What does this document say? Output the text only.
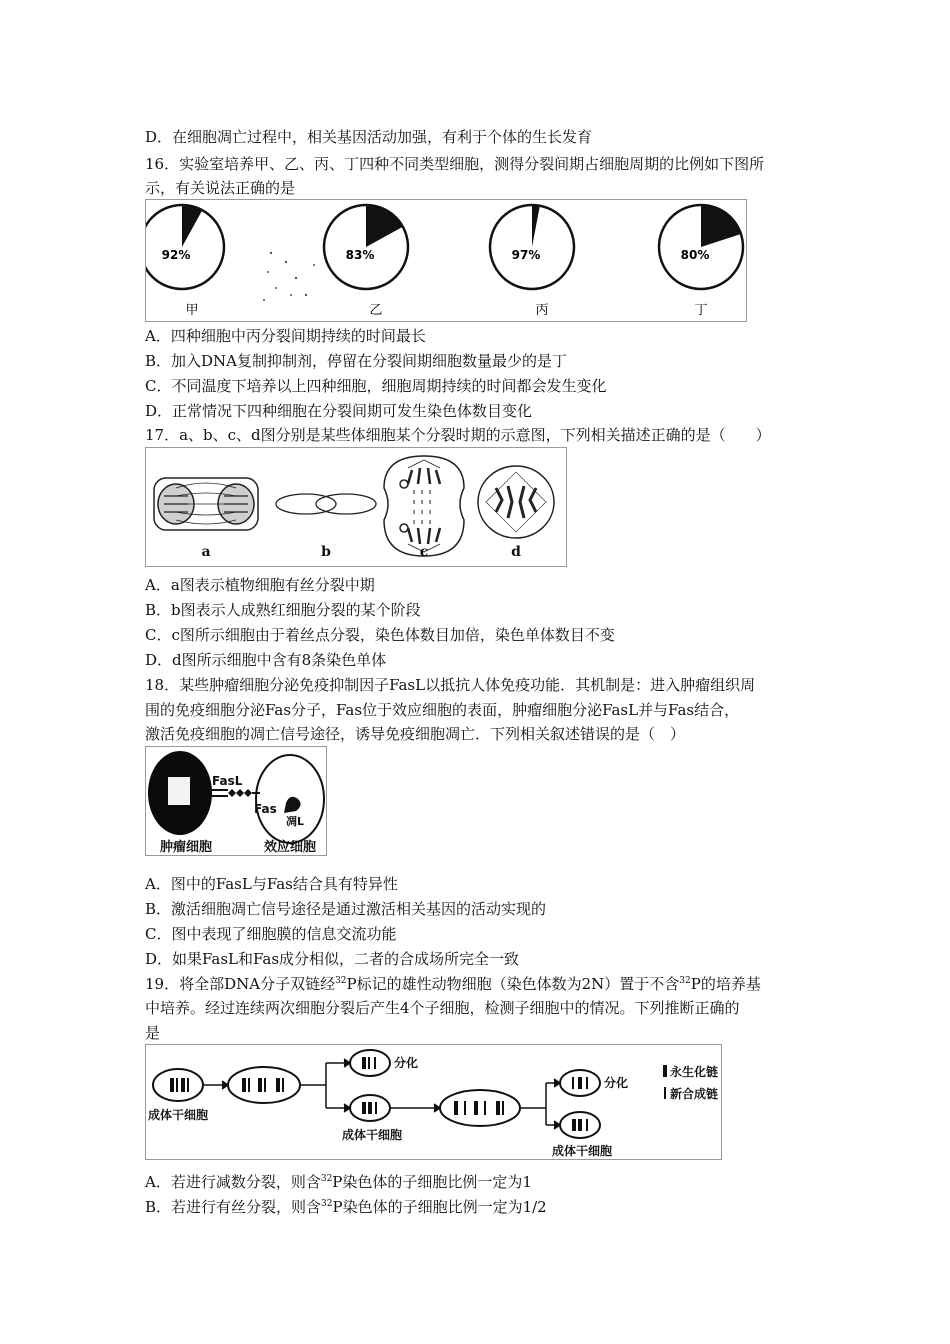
D．在细胞凋亡过程中，相关基因活动加强，有利于个体的生长发育
16．实验室培养甲、乙、丙、丁四种不同类型细胞，测得分裂间期占细胞周期的比例如下图所
示，有关说法正确的是
92%
甲
83%
乙
97%
丙
80%
丁
A．四种细胞中丙分裂间期持续的时间最长
B．加入DNA复制抑制剂，停留在分裂间期细胞数量最少的是丁
C．不同温度下培养以上四种细胞，细胞周期持续的时间都会发生变化
D．正常情况下四种细胞在分裂间期可发生染色体数目变化
17．a、b、c、d图分别是某些体细胞某个分裂时期的示意图，下列相关描述正确的是（　　）
a	b	c	d
A．a图表示植物细胞有丝分裂中期
B．b图表示人成熟红细胞分裂的某个阶段
C．c图所示细胞由于着丝点分裂，染色体数目加倍，染色单体数目不变
D．d图所示细胞中含有8条染色单体
18．某些肿瘤细胞分泌免疫抑制因子FasL以抵抗人体免疫功能．其机制是：进入肿瘤组织周
围的免疫细胞分泌Fas分子，Fas位于效应细胞的表面，肿瘤细胞分泌FasL并与Fas结合，
激活免疫细胞的凋亡信号途径，诱导免疫细胞凋亡．下列相关叙述错误的是（　）
FasL
Fas
凋L
肿瘤细胞	效应细胞
A．图中的FasL与Fas结合具有特异性
B．激活细胞凋亡信号途径是通过激活相关基因的活动实现的
C．图中表现了细胞膜的信息交流功能
D．如果FasL和Fas成分相似，二者的合成场所完全一致
19．将全部DNA分子双链经$^{32}$P标记的雄性动物细胞（染色体数为2N）置于不含$^{32}$P的培养基
中培养。经过连续两次细胞分裂后产生4个子细胞，检测子细胞中的情况。下列推断正确的
是
分化
分化
成体干细胞
成体干细胞
成体干细胞
永生化链
新合成链
A．若进行减数分裂，则含$^{32}$P染色体的子细胞比例一定为1
B．若进行有丝分裂，则含$^{32}$P染色体的子细胞比例一定为1/2
